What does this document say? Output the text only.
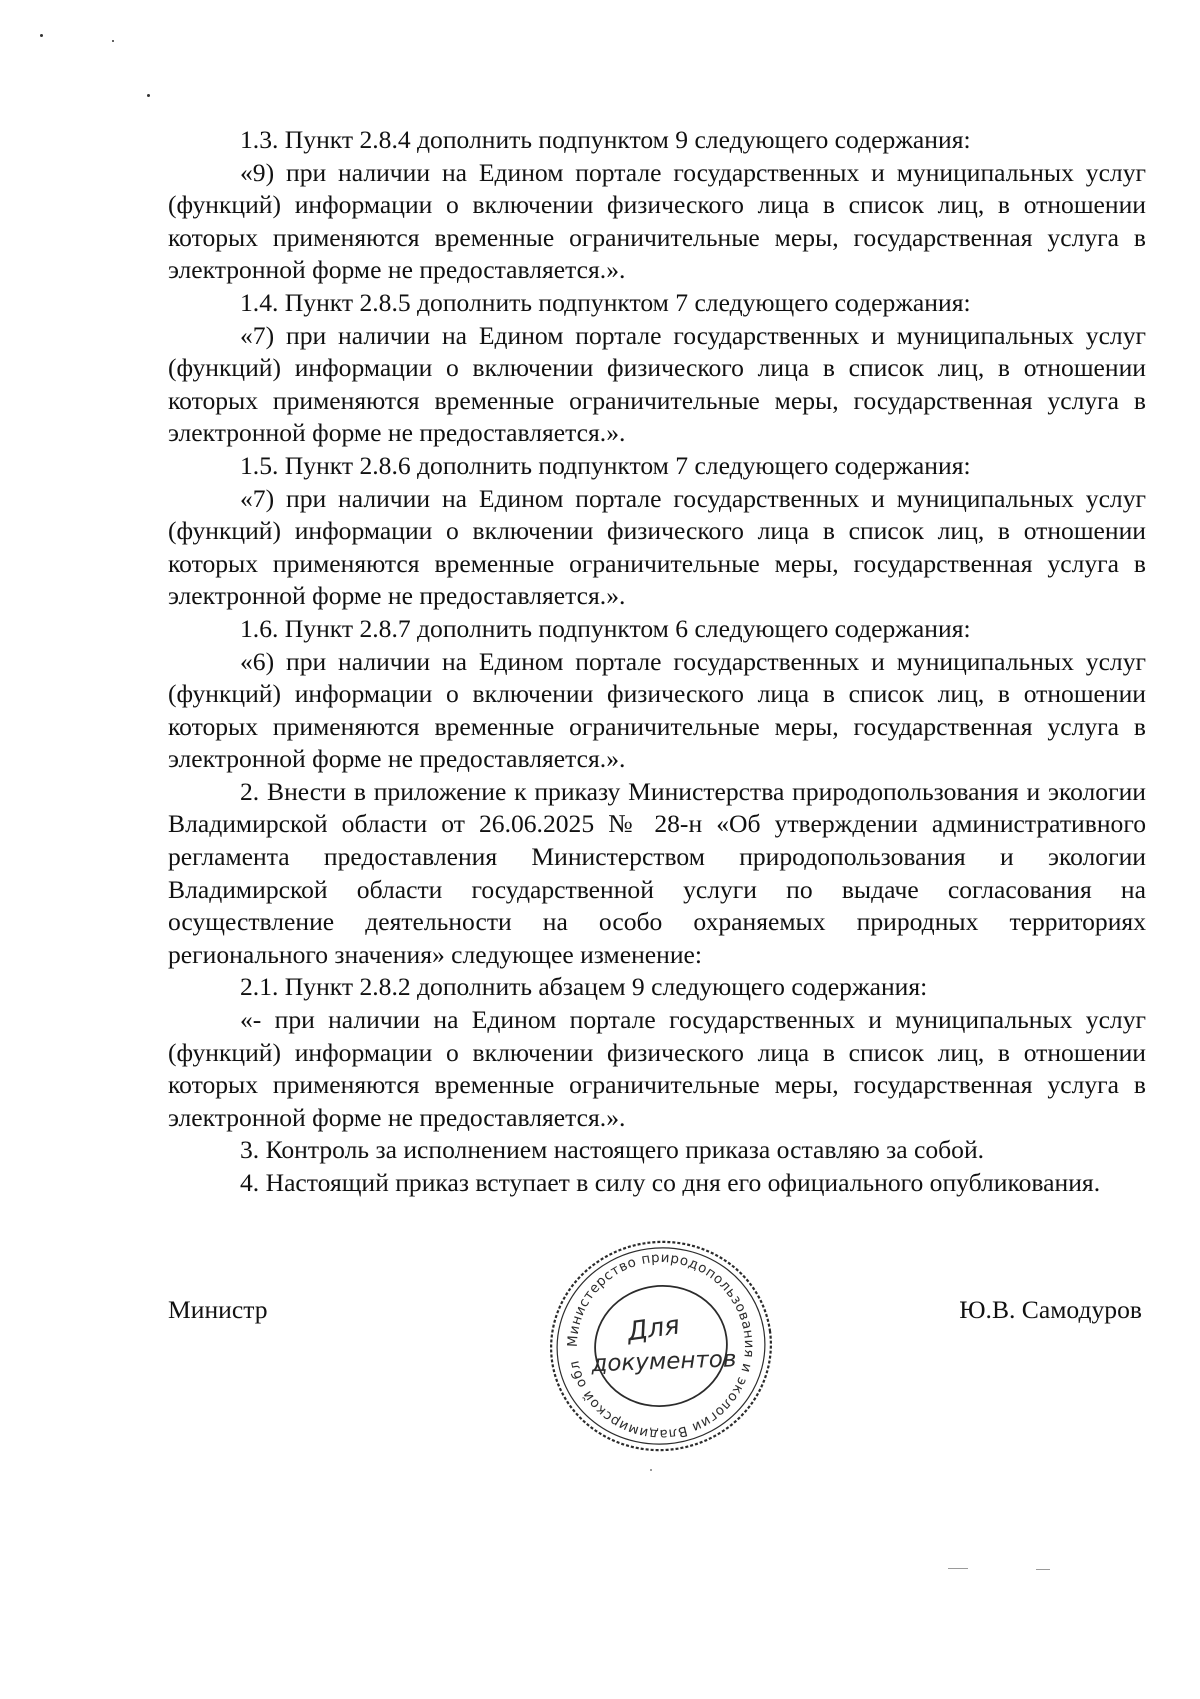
1.3. Пункт 2.8.4 дополнить подпунктом 9 следующего содержания:

«9) при наличии на Едином портале государственных и муниципальных услуг (функций) информации о включении физического лица в список лиц, в отношении которых применяются временные ограничительные меры, государственная услуга в электронной форме не предоставляется.».

1.4. Пункт 2.8.5 дополнить подпунктом 7 следующего содержания:

«7) при наличии на Едином портале государственных и муниципальных услуг (функций) информации о включении физического лица в список лиц, в отношении которых применяются временные ограничительные меры, государственная услуга в электронной форме не предоставляется.».

1.5. Пункт 2.8.6 дополнить подпунктом 7 следующего содержания:

«7) при наличии на Едином портале государственных и муниципальных услуг (функций) информации о включении физического лица в список лиц, в отношении которых применяются временные ограничительные меры, государственная услуга в электронной форме не предоставляется.».

1.6. Пункт 2.8.7 дополнить подпунктом 6 следующего содержания:

«6) при наличии на Едином портале государственных и муниципальных услуг (функций) информации о включении физического лица в список лиц, в отношении которых применяются временные ограничительные меры, государственная услуга в электронной форме не предоставляется.».

2. Внести в приложение к приказу Министерства природопользования и экологии Владимирской области от 26.06.2025 № 28-н «Об утверждении административного регламента предоставления Министерством природопользования и экологии Владимирской области государственной услуги по выдаче согласования на осуществление деятельности на особо охраняемых природных территориях регионального значения» следующее изменение:

2.1. Пункт 2.8.2 дополнить абзацем 9 следующего содержания:

«- при наличии на Едином портале государственных и муниципальных услуг (функций) информации о включении физического лица в список лиц, в отношении которых применяются временные ограничительные меры, государственная услуга в электронной форме не предоставляется.».

3. Контроль за исполнением настоящего приказа оставляю за собой.

4. Настоящий приказ вступает в силу со дня его официального опубликования.

Министр	Ю.В. Самодуров
Министерство природопользования и экологии Владимирской области
Для
документов
